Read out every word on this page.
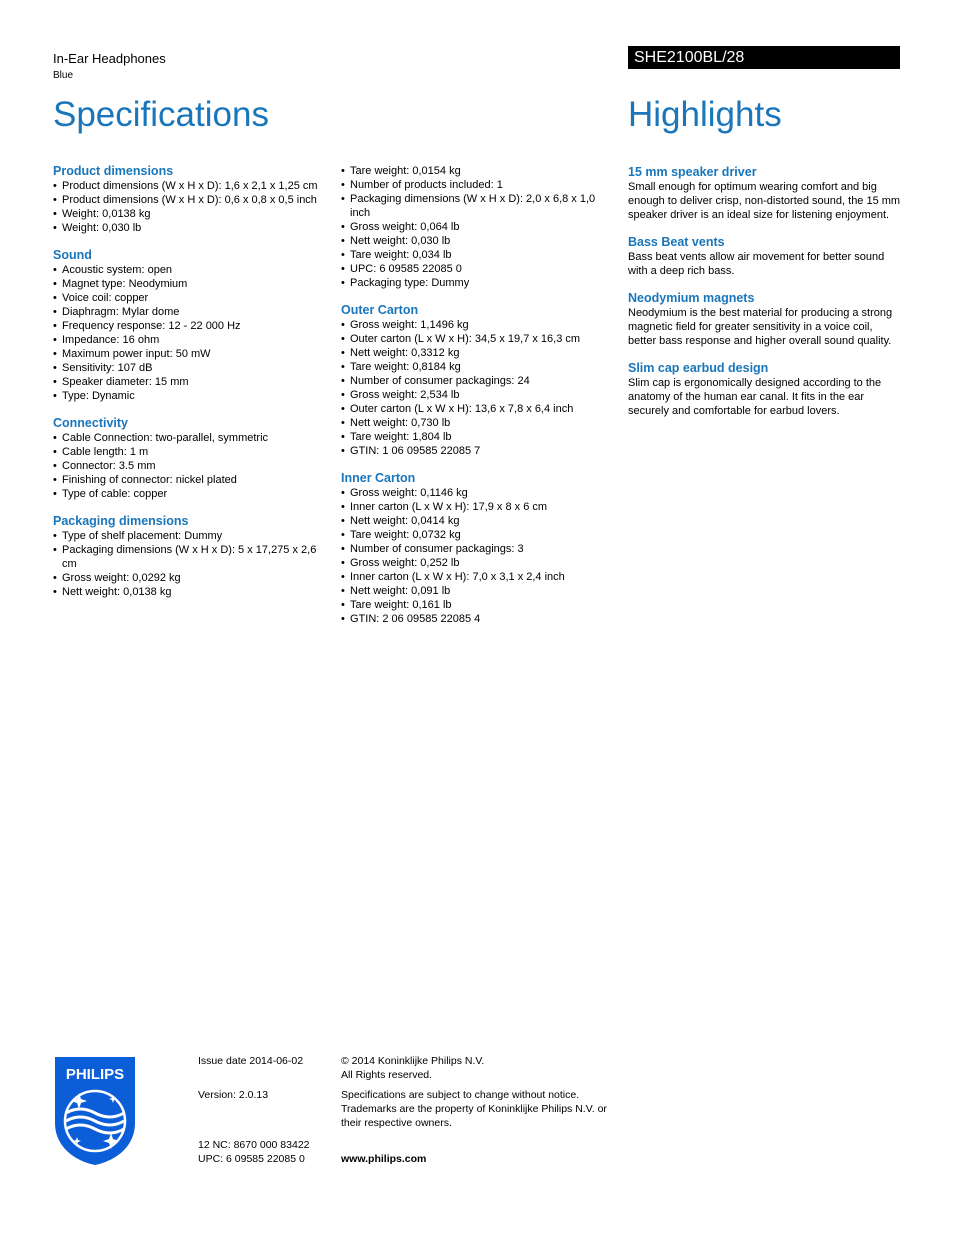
In-Ear Headphones
Blue
SHE2100BL/28
Specifications	Highlights
Product dimensions
• Product dimensions (W x H x D): 1,6 x 2,1 x 1,25 cm
• Product dimensions (W x H x D): 0,6 x 0,8 x 0,5 inch
• Weight: 0,0138 kg
• Weight: 0,030 lb
Sound
• Acoustic system: open
• Magnet type: Neodymium
• Voice coil: copper
• Diaphragm: Mylar dome
• Frequency response: 12 - 22 000 Hz
• Impedance: 16 ohm
• Maximum power input: 50 mW
• Sensitivity: 107 dB
• Speaker diameter: 15 mm
• Type: Dynamic
Connectivity
• Cable Connection: two-parallel, symmetric
• Cable length: 1 m
• Connector: 3.5 mm
• Finishing of connector: nickel plated
• Type of cable: copper
Packaging dimensions
• Type of shelf placement: Dummy
• Packaging dimensions (W x H x D): 5 x 17,275 x 2,6 cm
• Gross weight: 0,0292 kg
• Nett weight: 0,0138 kg
• Tare weight: 0,0154 kg
• Number of products included: 1
• Packaging dimensions (W x H x D): 2,0 x 6,8 x 1,0 inch
• Gross weight: 0,064 lb
• Nett weight: 0,030 lb
• Tare weight: 0,034 lb
• UPC: 6 09585 22085 0
• Packaging type: Dummy
Outer Carton
• Gross weight: 1,1496 kg
• Outer carton (L x W x H): 34,5 x 19,7 x 16,3 cm
• Nett weight: 0,3312 kg
• Tare weight: 0,8184 kg
• Number of consumer packagings: 24
• Gross weight: 2,534 lb
• Outer carton (L x W x H): 13,6 x 7,8 x 6,4 inch
• Nett weight: 0,730 lb
• Tare weight: 1,804 lb
• GTIN: 1 06 09585 22085 7
Inner Carton
• Gross weight: 0,1146 kg
• Inner carton (L x W x H): 17,9 x 8 x 6 cm
• Nett weight: 0,0414 kg
• Tare weight: 0,0732 kg
• Number of consumer packagings: 3
• Gross weight: 0,252 lb
• Inner carton (L x W x H): 7,0 x 3,1 x 2,4 inch
• Nett weight: 0,091 lb
• Tare weight: 0,161 lb
• GTIN: 2 06 09585 22085 4
15 mm speaker driver

Small enough for optimum wearing comfort and big enough to deliver crisp, non-distorted sound, the 15 mm speaker driver is an ideal size for listening enjoyment.

Bass Beat vents

Bass beat vents allow air movement for better sound with a deep rich bass.

Neodymium magnets

Neodymium is the best material for producing a strong magnetic field for greater sensitivity in a voice coil, better bass response and higher overall sound quality.

Slim cap earbud design

Slim cap is ergonomically designed according to the anatomy of the human ear canal. It fits in the ear securely and comfortable for earbud lovers.

PHILIPS
Issue date 2014-06-02
Version: 2.0.13
12 NC: 8670 000 83422
UPC: 6 09585 22085 0
© 2014 Koninklijke Philips N.V.
All Rights reserved.
Specifications are subject to change without notice. Trademarks are the property of Koninklijke Philips N.V. or their respective owners.
www.philips.com
